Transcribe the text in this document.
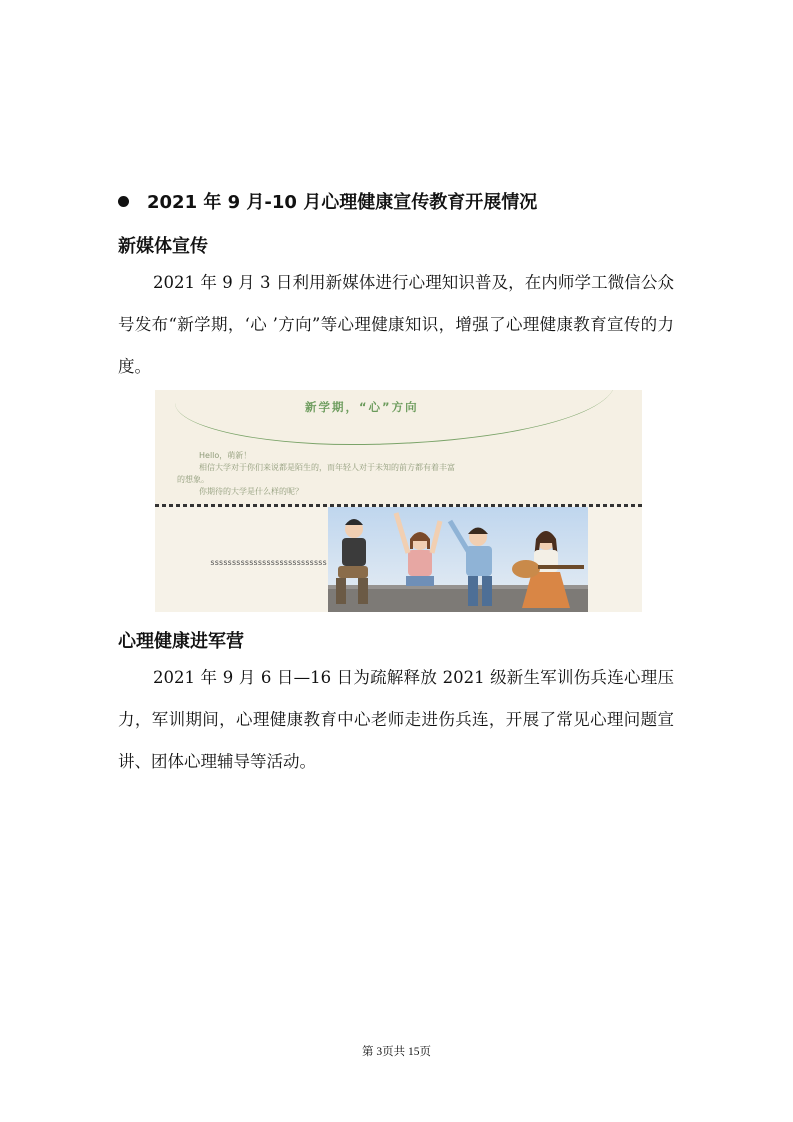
2021 年 9 月-10 月心理健康宣传教育开展情况
新媒体宣传

2021 年 9 月 3 日利用新媒体进行心理知识普及，在内师学工微信公众号发布“新学期，‘心 ’方向”等心理健康知识，增强了心理健康教育宣传的力度。

新学期，“心”方向
Hello，萌新！
相信大学对于你们来说都是陌生的，而年轻人对于未知的前方都有着丰富
的想象。
你期待的大学是什么样的呢？
sssssssssssssssssssssssssss
心理健康进军营

2021 年 9 月 6 日—16 日为疏解释放 2021 级新生军训伤兵连心理压力，军训期间，心理健康教育中心老师走进伤兵连，开展了常见心理问题宣讲、团体心理辅导等活动。

第 3页共 15页
